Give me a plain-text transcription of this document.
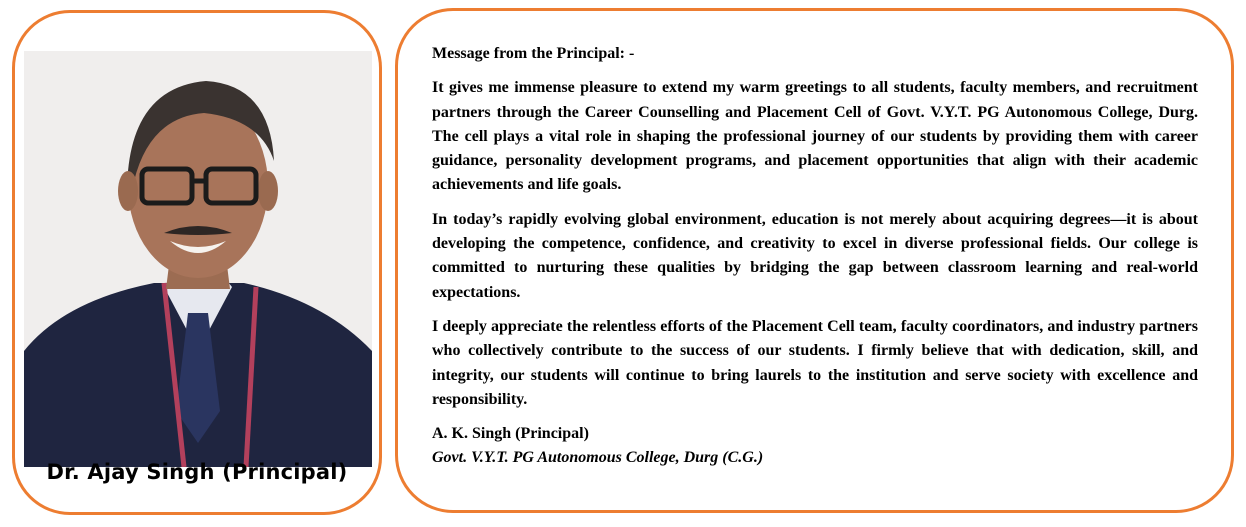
Dr. Ajay Singh (Principal)

Message from the Principal: -

It gives me immense pleasure to extend my warm greetings to all students, faculty members, and recruitment partners through the Career Counselling and Placement Cell of Govt. V.Y.T. PG Autonomous College, Durg. The cell plays a vital role in shaping the professional journey of our students by providing them with career guidance, personality development programs, and placement opportunities that align with their academic achievements and life goals.

In today’s rapidly evolving global environment, education is not merely about acquiring degrees—it is about developing the competence, confidence, and creativity to excel in diverse professional fields. Our college is committed to nurturing these qualities by bridging the gap between classroom learning and real-world expectations.

I deeply appreciate the relentless efforts of the Placement Cell team, faculty coordinators, and industry partners who collectively contribute to the success of our students. I firmly believe that with dedication, skill, and integrity, our students will continue to bring laurels to the institution and serve society with excellence and responsibility.

A. K. Singh (Principal)

Govt. V.Y.T. PG Autonomous College, Durg (C.G.)
